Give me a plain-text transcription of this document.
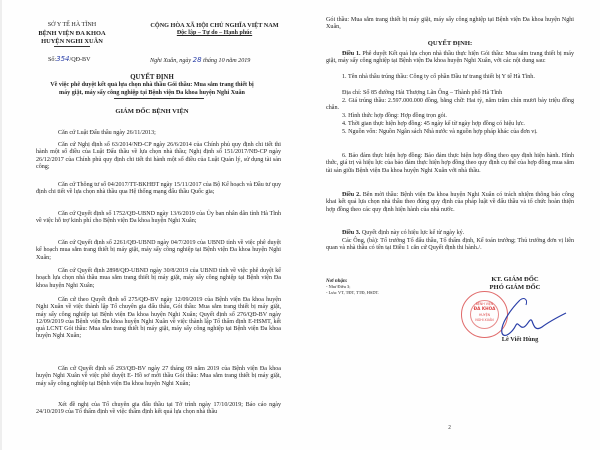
SỞ Y TẾ HÀ TĨNH
BỆNH VIỆN ĐA KHOA
HUYỆN NGHI XUÂN
CỘNG HÒA XÃ HỘI CHỦ NGHĨA VIỆT NAM
Độc lập – Tự do – Hạnh phúc
Số:354/QĐ-BV	Nghi Xuân, ngày 28 tháng 10 năm 2019
QUYẾT ĐỊNH
Về việc phê duyệt kết quả lựa chọn nhà thầu Gói thầu: Mua sắm trang thiết bị
máy giặt, máy sấy công nghiệp tại Bệnh viện Đa khoa huyện Nghi Xuân
GIÁM ĐỐC BỆNH VIỆN
Căn cứ Luật Đấu thầu ngày 26/11/2013;
Căn cứ Nghị định số 63/2014/NĐ-CP ngày 26/6/2014 của Chính phủ quy định chi tiết thi hành một số điều của Luật Đấu thầu về lựa chọn nhà thầu; Nghị định số 151/2017/NĐ-CP ngày 26/12/2017 của Chính phủ quy định chi tiết thi hành một số điều của Luật Quản lý, sử dụng tài sản công;
Căn cứ Thông tư số 04/2017/TT-BKHĐT ngày 15/11/2017 của Bộ Kế hoạch và Đầu tư quy định chi tiết về lựa chọn nhà thầu qua Hệ thống mạng đấu thầu Quốc gia;
Căn cứ Quyết định số 1752/QĐ-UBND ngày 13/6/2019 của Ủy ban nhân dân tỉnh Hà Tĩnh về việc hỗ trợ kinh phí cho Bệnh viện Đa khoa huyện Nghi Xuân;
Căn cứ Quyết định số 2261/QĐ-UBND ngày 04/7/2019 của UBND tỉnh về việc phê duyệt kế hoạch mua sắm trang thiết bị máy giặt, máy sấy công nghiệp tại Bệnh viện Đa khoa huyện Nghi Xuân;
Căn cứ Quyết định 2898/QĐ-UBND ngày 30/8/2019 của UBND tỉnh về việc phê duyệt kế hoạch lựa chọn nhà thầu mua sắm trang thiết bị máy giặt, máy sấy công nghiệp tại Bệnh viện Đa khoa huyện Nghi Xuân;
Căn cứ theo Quyết định số 275/QĐ-BV ngày 12/09/2019 của Bệnh viện Đa khoa huyện Nghi Xuân về việc thành lập Tổ chuyên gia đấu thầu, Gói thầu: Mua sắm trang thiết bị máy giặt, máy sấy công nghiệp tại Bệnh viện Đa khoa huyện Nghi Xuân; Quyết định số 276/QĐ-BV ngày 12/09/2019 của Bệnh viện Đa khoa huyện Nghi Xuân về việc thành lập Tổ thẩm định E-HSMT, kết quả LCNT Gói thầu: Mua sắm trang thiết bị máy giặt, máy sấy công nghiệp tại Bệnh viện Đa khoa huyện Nghi Xuân;
Căn cứ Quyết định số 293/QĐ-BV ngày 27 tháng 09 năm 2019 của Bệnh viện Đa khoa huyện Nghi Xuân về việc phê duyệt E- Hồ sơ mời thầu Gói thầu: Mua sắm trang thiết bị máy giặt, máy sấy công nghiệp tại Bệnh viện Đa khoa huyện Nghi Xuân;
Xét đề nghị của Tổ chuyên gia đấu thầu tại Tờ trình ngày 17/10/2019; Báo cáo ngày 24/10/2019 của Tổ thẩm định về việc thẩm định kết quả lựa chọn nhà thầu
Gói thầu: Mua sắm trang thiết bị máy giặt, máy sấy công nghiệp tại Bệnh viện Đa khoa huyện Nghi Xuân,
QUYẾT ĐỊNH:
Điều 1. Phê duyệt Kết quả lựa chọn nhà thầu thực hiện Gói thầu: Mua sắm trang thiết bị máy giặt, máy sấy công nghiệp tại Bệnh viện Đa khoa huyện Nghi Xuân, với các nội dung sau:
1. Tên nhà thầu trúng thầu: Công ty cổ phần Đầu tư trang thiết bị Y tế Hà Tĩnh.
Địa chỉ: Số 85 đường Hải Thượng Lãn Ông – Thành phố Hà Tĩnh
2. Giá trúng thầu: 2.597.000.000 đồng, bằng chữ: Hai tỷ, năm trăm chín mươi bảy triệu đồng chẵn.
3. Hình thức hợp đồng: Hợp đồng trọn gói.
4. Thời gian thực hiện hợp đồng: 45 ngày kể từ ngày hợp đồng có hiệu lực.
5. Nguồn vốn: Nguồn Ngân sách Nhà nước và nguồn hợp pháp khác của đơn vị.
6. Bảo đảm thực hiện hợp đồng: Bảo đảm thực hiện hợp đồng theo quy định hiện hành. Hình thức, giá trị và hiệu lực của bảo đảm thực hiện hợp đồng theo quy định cụ thể của hợp đồng mua sắm tài sản giữa Bệnh viện Đa khoa huyện Nghi Xuân với nhà thầu.
Điều 2. Bên mời thầu: Bệnh viện Đa khoa huyện Nghi Xuân có trách nhiệm thông báo công khai kết quả lựa chọn nhà thầu theo đúng quy định của pháp luật về đấu thầu và tổ chức hoàn thiện hợp đồng theo các quy định hiện hành của nhà nước.
Điều 3. Quyết định này có hiệu lực kể từ ngày ký.
Các Ông, (bà): Tổ trưởng Tổ đấu thầu, Tổ thẩm định, Kế toán trưởng; Thủ trưởng đơn vị liên quan và nhà thầu có tên tại Điều 1 căn cứ Quyết định thi hành./.
Nơi nhận:
- Như Điều 3;
- Lưu: VT, TĐT, TTĐ, HSDT.
KT. GIÁM ĐỐC
PHÓ GIÁM ĐỐC
Lê Viết Hùng
2
BỆNH VIỆN
ĐA KHOA
HUYỆN
NGHI XUÂN
